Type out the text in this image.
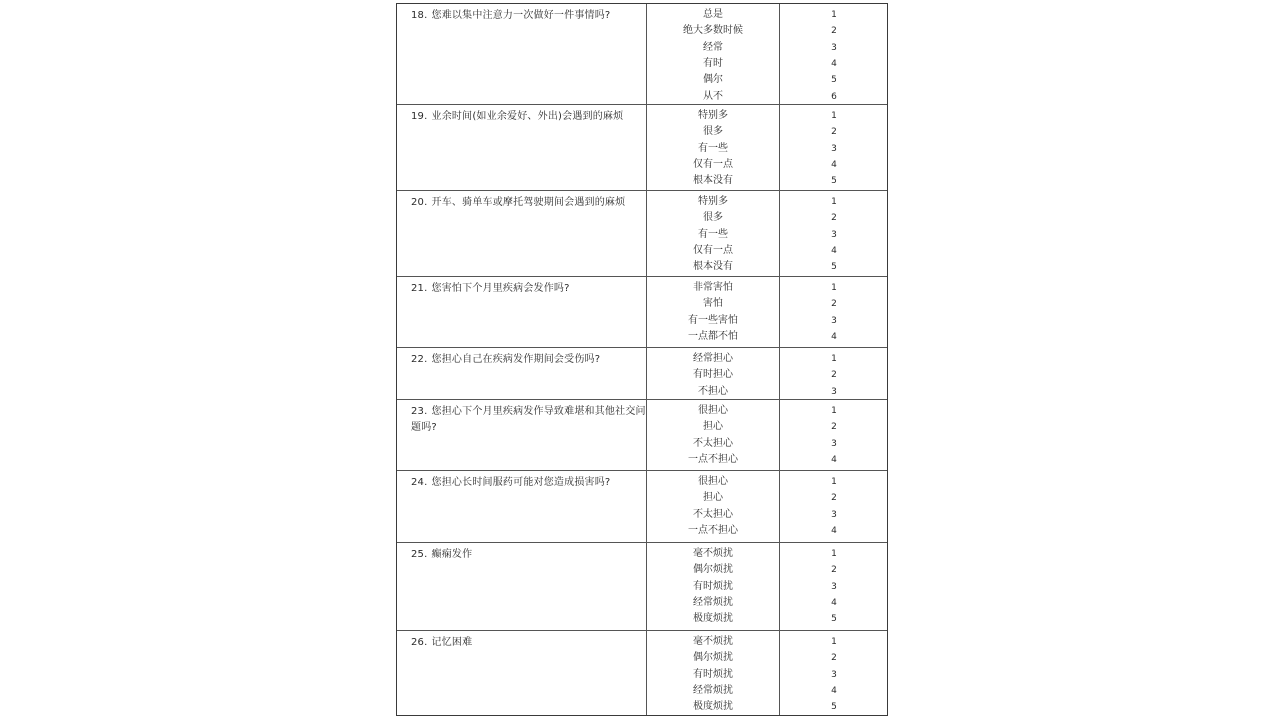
18. 您难以集中注意力一次做好一件事情吗?	总是	1
绝大多数时候	2
经常	3
有时	4
偶尔	5
从不	6
19. 业余时间(如业余爱好、外出)会遇到的麻烦	特别多	1
很多	2
有一些	3
仅有一点	4
根本没有	5
20. 开车、骑单车或摩托驾驶期间会遇到的麻烦	特别多	1
很多	2
有一些	3
仅有一点	4
根本没有	5
21. 您害怕下个月里疾病会发作吗?	非常害怕	1
害怕	2
有一些害怕	3
一点都不怕	4
22. 您担心自己在疾病发作期间会受伤吗?	经常担心	1
有时担心	2
不担心	3
23. 您担心下个月里疾病发作导致难堪和其他社交问题吗?
很担心	1
担心	2
不太担心	3
一点不担心	4
24. 您担心长时间服药可能对您造成损害吗?	很担心	1
担心	2
不太担心	3
一点不担心	4
25. 癫痫发作	毫不烦扰	1
偶尔烦扰	2
有时烦扰	3
经常烦扰	4
极度烦扰	5
26. 记忆困难	毫不烦扰	1
偶尔烦扰	2
有时烦扰	3
经常烦扰	4
极度烦扰	5
